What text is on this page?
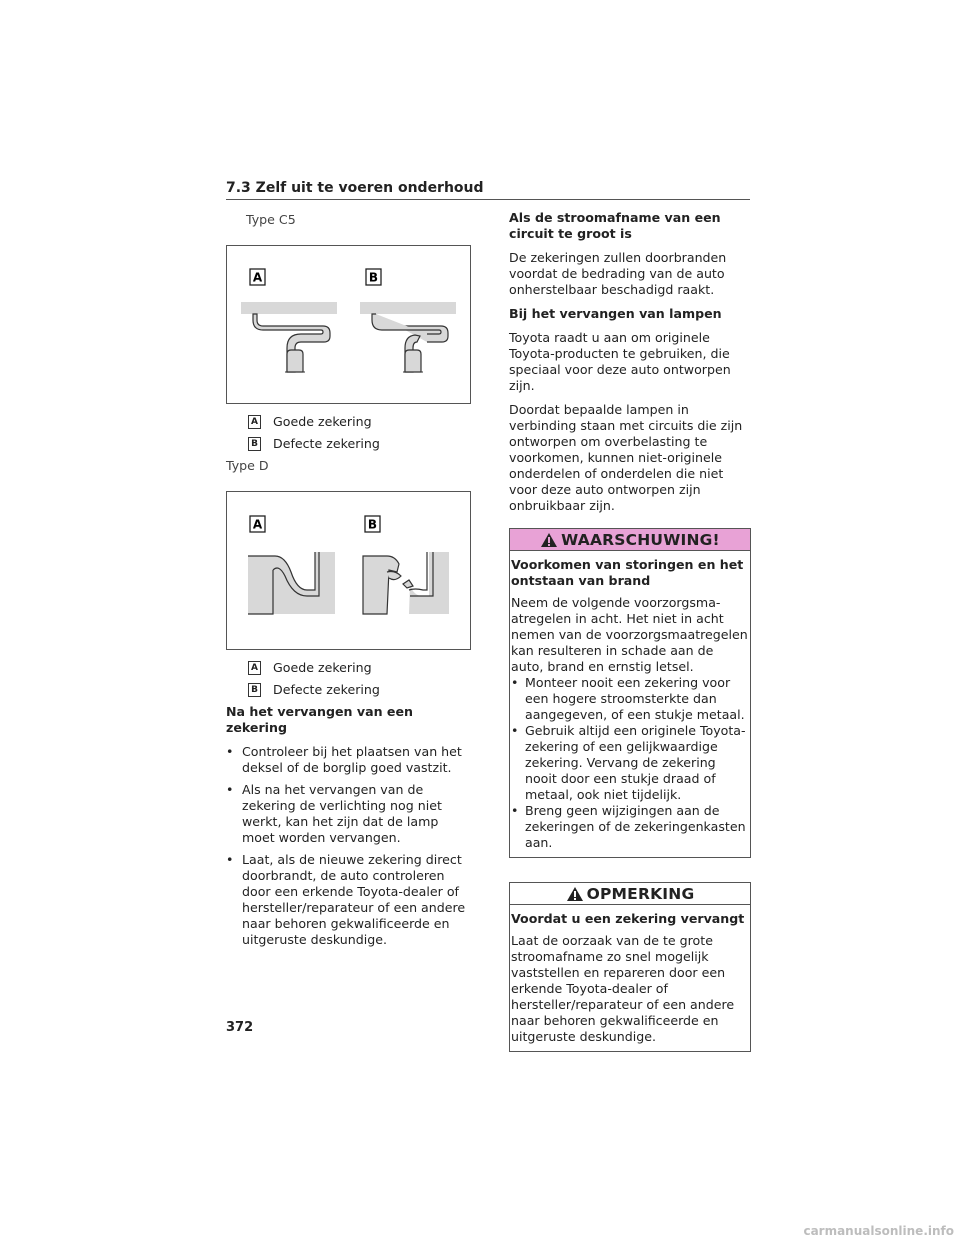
7.3 Zelf uit te voeren onderhoud
Type C5
A	B
A Goede zekering
B Defecte zekering
Type D
A	B
A Goede zekering
B Defecte zekering
Na het vervangen van een zekering
• Controleer bij het plaatsen van het deksel of de borglip goed vastzit.
• Als na het vervangen van de zekering de verlichting nog niet werkt, kan het zijn dat de lamp moet worden vervangen.
• Laat, als de nieuwe zekering direct doorbrandt, de auto controleren door een erkende Toyota-dealer of hersteller/reparateur of een andere naar behoren gekwalificeerde en uitgeruste deskundige.
Als de stroomafname van een circuit te groot is
De zekeringen zullen doorbranden voordat de bedrading van de auto onherstelbaar beschadigd raakt.
Bij het vervangen van lampen
Toyota raadt u aan om originele Toyota-producten te gebruiken, die speciaal voor deze auto ontworpen zijn.
Doordat bepaalde lampen in verbinding staan met circuits die zijn ontworpen om overbelasting te voorkomen, kunnen niet-originele onderdelen of onderdelen die niet voor deze auto ontworpen zijn onbruikbaar zijn.
WAARSCHUWING!
Voorkomen van storingen en het ontstaan van brand
Neem de volgende voorzorgsma-atregelen in acht. Het niet in acht nemen van de voorzorgsmaatregelen kan resulteren in schade aan de auto, brand en ernstig letsel.
• Monteer nooit een zekering voor een hogere stroomsterkte dan aangegeven, of een stukje metaal.
• Gebruik altijd een originele Toyota-zekering of een gelijkwaardige zekering. Vervang de zekering nooit door een stukje draad of metaal, ook niet tijdelijk.
• Breng geen wijzigingen aan de zekeringen of de zekeringenkasten aan.
OPMERKING
Voordat u een zekering vervangt
Laat de oorzaak van de te grote stroomafname zo snel mogelijk vaststellen en repareren door een erkende Toyota-dealer of hersteller/reparateur of een andere naar behoren gekwalificeerde en uitgeruste deskundige.
372
carmanualsonline.info
